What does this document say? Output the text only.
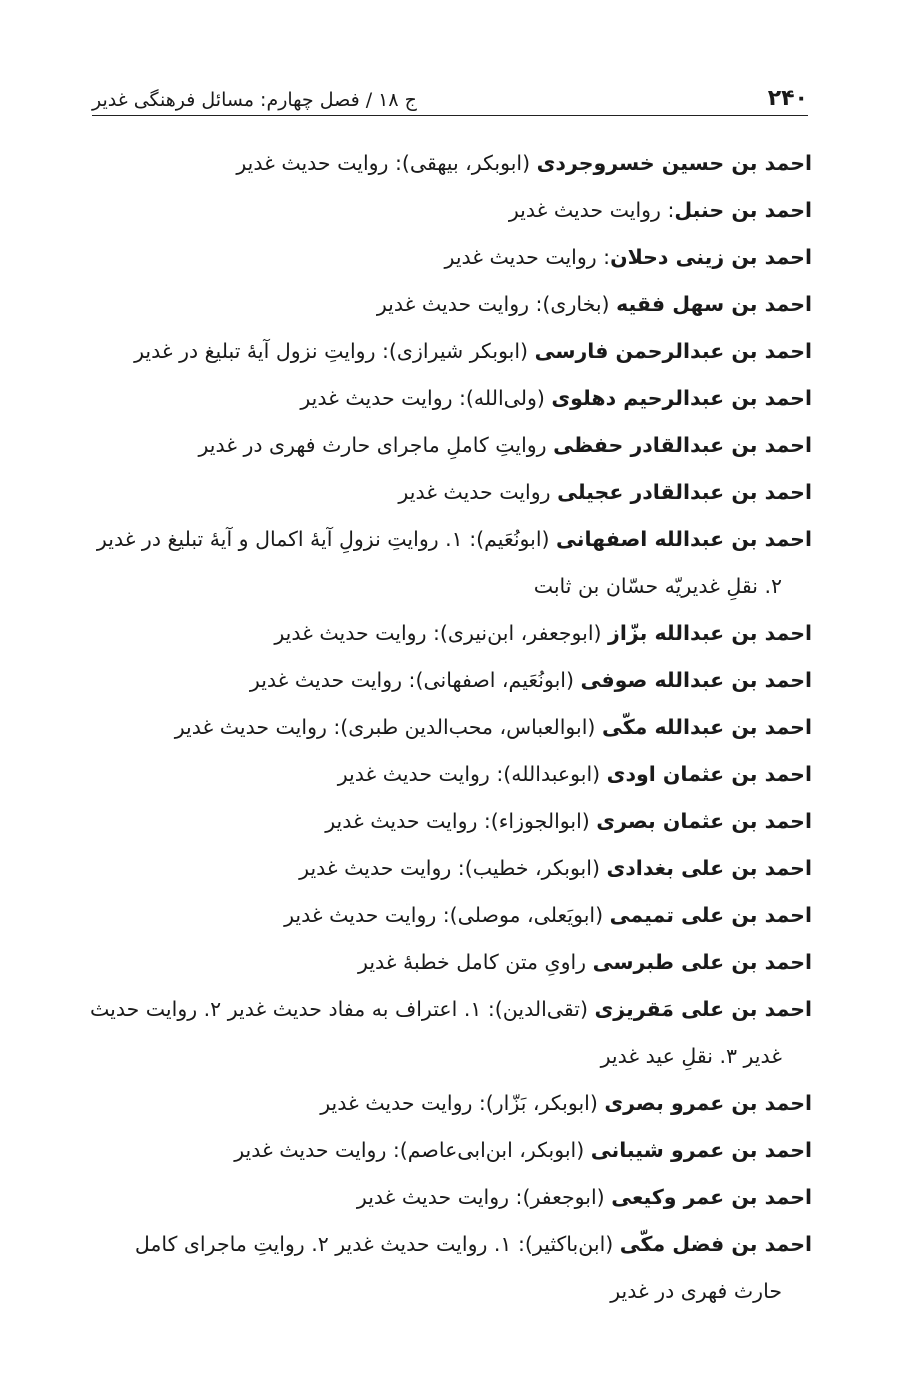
۲۴۰
ج ۱۸ / فصل چهارم: مسائل فرهنگی غدیر

احمد بن حسین خسروجردی (ابوبکر، بیهقی): روایت حدیث غدیر

احمد بن حنبل: روایت حدیث غدیر

احمد بن زینی دحلان: روایت حدیث غدیر

احمد بن سهل فقیه (بخاری): روایت حدیث غدیر

احمد بن عبدالرحمن فارسی (ابوبکر شیرازی): روایتِ نزول آیۀ تبلیغ در غدیر

احمد بن عبدالرحیم دهلوی (ولی‌الله): روایت حدیث غدیر

احمد بن عبدالقادر حفظی روایتِ کاملِ ماجرای حارث فهری در غدیر

احمد بن عبدالقادر عجیلی روایت حدیث غدیر

احمد بن عبدالله اصفهانی (ابونُعَیم): ۱. روایتِ نزولِ آیۀ اکمال و آیۀ تبلیغ در غدیر ۲. نقلِ غدیریّه حسّان بن ثابت

احمد بن عبدالله بزّاز (ابوجعفر، ابن‌نیری): روایت حدیث غدیر

احمد بن عبدالله صوفی (ابونُعَیم، اصفهانی): روایت حدیث غدیر

احمد بن عبدالله مکّی (ابوالعباس، محب‌الدین طبری): روایت حدیث غدیر

احمد بن عثمان اودی (ابوعبدالله): روایت حدیث غدیر

احمد بن عثمان بصری (ابوالجوزاء): روایت حدیث غدیر

احمد بن علی بغدادی (ابوبکر، خطیب): روایت حدیث غدیر

احمد بن علی تمیمی (ابویَعلی، موصلی): روایت حدیث غدیر

احمد بن علی طبرسی راویِ متن کامل خطبۀ غدیر

احمد بن علی مَقریزی (تقی‌الدین): ۱. اعتراف به مفاد حدیث غدیر ۲. روایت حدیث غدیر ۳. نقلِ عید غدیر

احمد بن عمرو بصری (ابوبکر، بَزّار): روایت حدیث غدیر

احمد بن عمرو شیبانی (ابوبکر، ابن‌ابی‌عاصم): روایت حدیث غدیر

احمد بن عمر وکیعی (ابوجعفر): روایت حدیث غدیر

احمد بن فضل مکّی (ابن‌باکثیر): ۱. روایت حدیث غدیر ۲. روایتِ ماجرای کامل حارث فهری در غدیر
